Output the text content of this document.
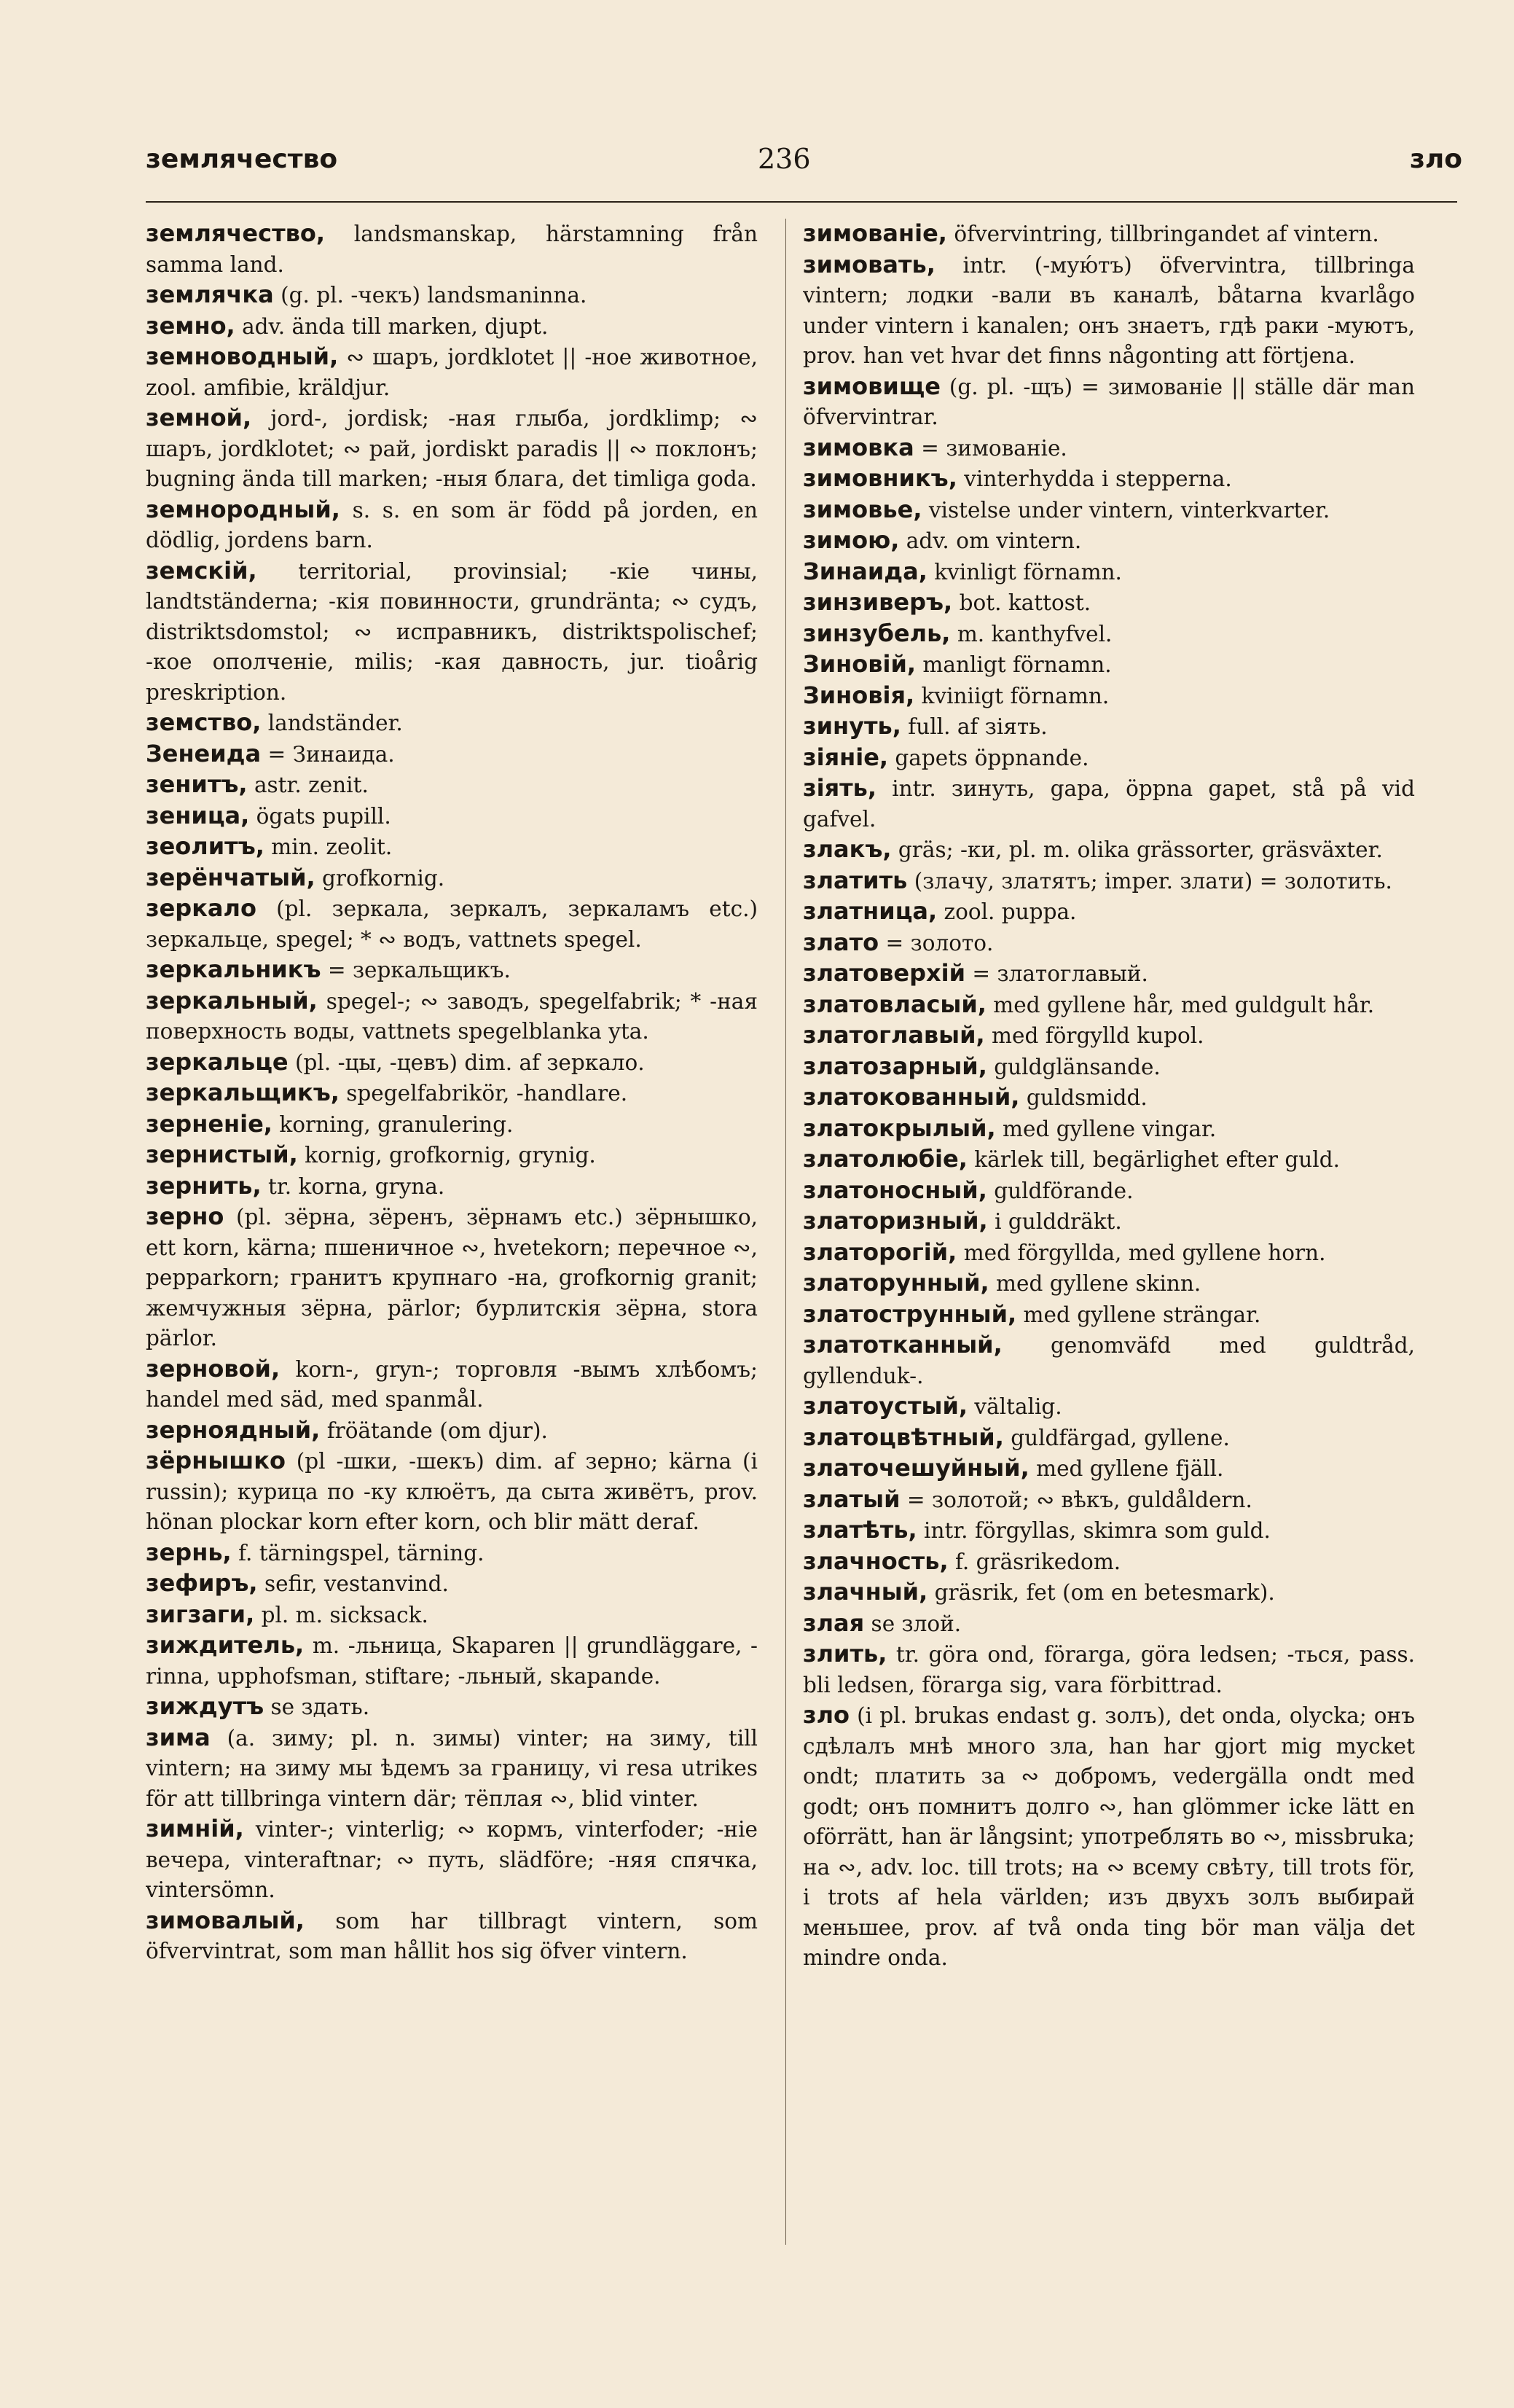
землячество	236	зло

землячество, landsmanskap, härstamning från samma land.

землячка (g. pl. -чекъ) landsmaninna.

земно, adv. ända till marken, djupt.

земноводный, ∾ шаръ, jordklotet || -ное животное, zool. amfibie, kräldjur.

земной, jord-, jordisk; -ная глыба, jordklimp; ∾ шаръ, jordklotet; ∾ рай, jordiskt paradis || ∾ поклонъ; bugning ända till marken; -ныя блага, det timliga goda.

земнородный, s. s. en som är född på jorden, en dödlig, jordens barn.

земскій, territorial, provinsial; -кіе чины, landtständerna; -кія повинности, grundränta; ∾ судъ, distriktsdomstol; ∾ исправникъ, distriktspolischef; -кое ополченіе, milis; -кая давность, jur. tioårig preskription.

земство, landständer.

Зенеида = Зинаида.

зенитъ, astr. zenit.

зеница, ögats pupill.

зеолитъ, min. zeolit.

зерёнчатый, grofkornig.

зеркало (pl. зеркала, зеркалъ, зеркаламъ etc.) зеркальце, spegel; * ∾ водъ, vattnets spegel.

зеркальникъ = зеркальщикъ.

зеркальный, spegel-; ∾ заводъ, spegelfabrik; * -ная поверхность воды, vattnets spegelblanka yta.

зеркальце (pl. -цы, -цевъ) dim. af зеркало.

зеркальщикъ, spegelfabrikör, -handlare.

зерненіе, korning, granulering.

зернистый, kornig, grofkornig, grynig.

зернить, tr. korna, gryna.

зерно (pl. зёрна, зёренъ, зёрнамъ etc.) зёрнышко, ett korn, kärna; пшеничное ∾, hvetekorn; перечное ∾, pepparkorn; гранитъ крупнаго -на, grofkornig granit; жемчужныя зёрна, pärlor; бурлитскія зёрна, stora pärlor.

зерновой, korn-, gryn-; торговля -вымъ хлѣбомъ; handel med säd, med spanmål.

зерноядный, fröätande (om djur).

зёрнышко (pl -шки, -шекъ) dim. af зерно; kärna (i russin); курица по -ку клюётъ, да сыта живётъ, prov. hönan plockar korn efter korn, och blir mätt deraf.

зернь, f. tärningspel, tärning.

зефиръ, sefir, vestanvind.

зигзаги, pl. m. sicksack.

зиждитель, m. -льница, Skaparen || grundläggare, -rinna, upphofsman, stiftare; -льный, skapande.

зиждутъ se здать.

зима (a. зиму; pl. n. зимы) vinter; на зиму, till vintern; на зиму мы ѣдемъ за границу, vi resa utrikes för att tillbringa vintern där; тёплая ∾, blid vinter.

зимній, vinter-; vinterlig; ∾ кормъ, vinterfoder; -ніе вечера, vinteraftnar; ∾ путь, slädföre; -няя спячка, vintersömn.

зимовалый, som har tillbragt vintern, som öfvervintrat, som man hållit hos sig öfver vintern.

зимованіе, öfvervintring, tillbringandet af vintern.

зимовать, intr. (-мую́тъ) öfvervintra, tillbringa vintern; лодки -вали въ каналѣ, båtarna kvarlågo under vintern i kanalen; онъ знаетъ, гдѣ раки -муютъ, prov. han vet hvar det finns någonting att förtjena.

зимовище (g. pl. -щъ) = зимованіе || ställe där man öfvervintrar.

зимовка = зимованіе.

зимовникъ, vinterhydda i stepperna.

зимовье, vistelse under vintern, vinterkvarter.

зимою, adv. om vintern.

Зинаида, kvinligt förnamn.

зинзиверъ, bot. kattost.

зинзубель, m. kanthyfvel.

Зиновій, manligt förnamn.

Зиновія, kviniigt förnamn.

зинуть, full. af зіять.

зіяніе, gapets öppnande.

зіять, intr. зинуть, gapa, öppna gapet, stå på vid gafvel.

злакъ, gräs; -ки, pl. m. olika grässorter, gräsväxter.

златить (злачу, златятъ; imper. злати) = золотить.

златница, zool. puppa.

злато = золото.

златоверхій = златоглавый.

златовласый, med gyllene hår, med guldgult hår.

златоглавый, med förgylld kupol.

златозарный, guldglänsande.

златокованный, guldsmidd.

златокрылый, med gyllene vingar.

златолюбіе, kärlek till, begärlighet efter guld.

златоносный, guldförande.

златоризный, i gulddräkt.

златорогій, med förgyllda, med gyllene horn.

златорунный, med gyllene skinn.

златострунный, med gyllene strängar.

златотканный, genomväfd med guldtråd, gyllenduk-.

златоустый, vältalig.

златоцвѣтный, guldfärgad, gyllene.

златочешуйный, med gyllene fjäll.

златый = золотой; ∾ вѣкъ, guldåldern.

златѣть, intr. förgyllas, skimra som guld.

злачность, f. gräsrikedom.

злачный, gräsrik, fet (om en betesmark).

злая se злой.

злить, tr. göra ond, förarga, göra ledsen; -ться, pass. bli ledsen, förarga sig, vara förbittrad.

зло (i pl. brukas endast g. золъ), det onda, olycka; онъ сдѣлалъ мнѣ много зла, han har gjort mig mycket ondt; платить за ∾ добромъ, vedergälla ondt med godt; онъ помнитъ долго ∾, han glömmer icke lätt en oförrätt, han är långsint; употреблять во ∾, missbruka; на ∾, adv. loc. till trots; на ∾ всему свѣту, till trots för, i trots af hela världen; изъ двухъ золъ выбирай меньшее, prov. af två onda ting bör man välja det mindre onda.
